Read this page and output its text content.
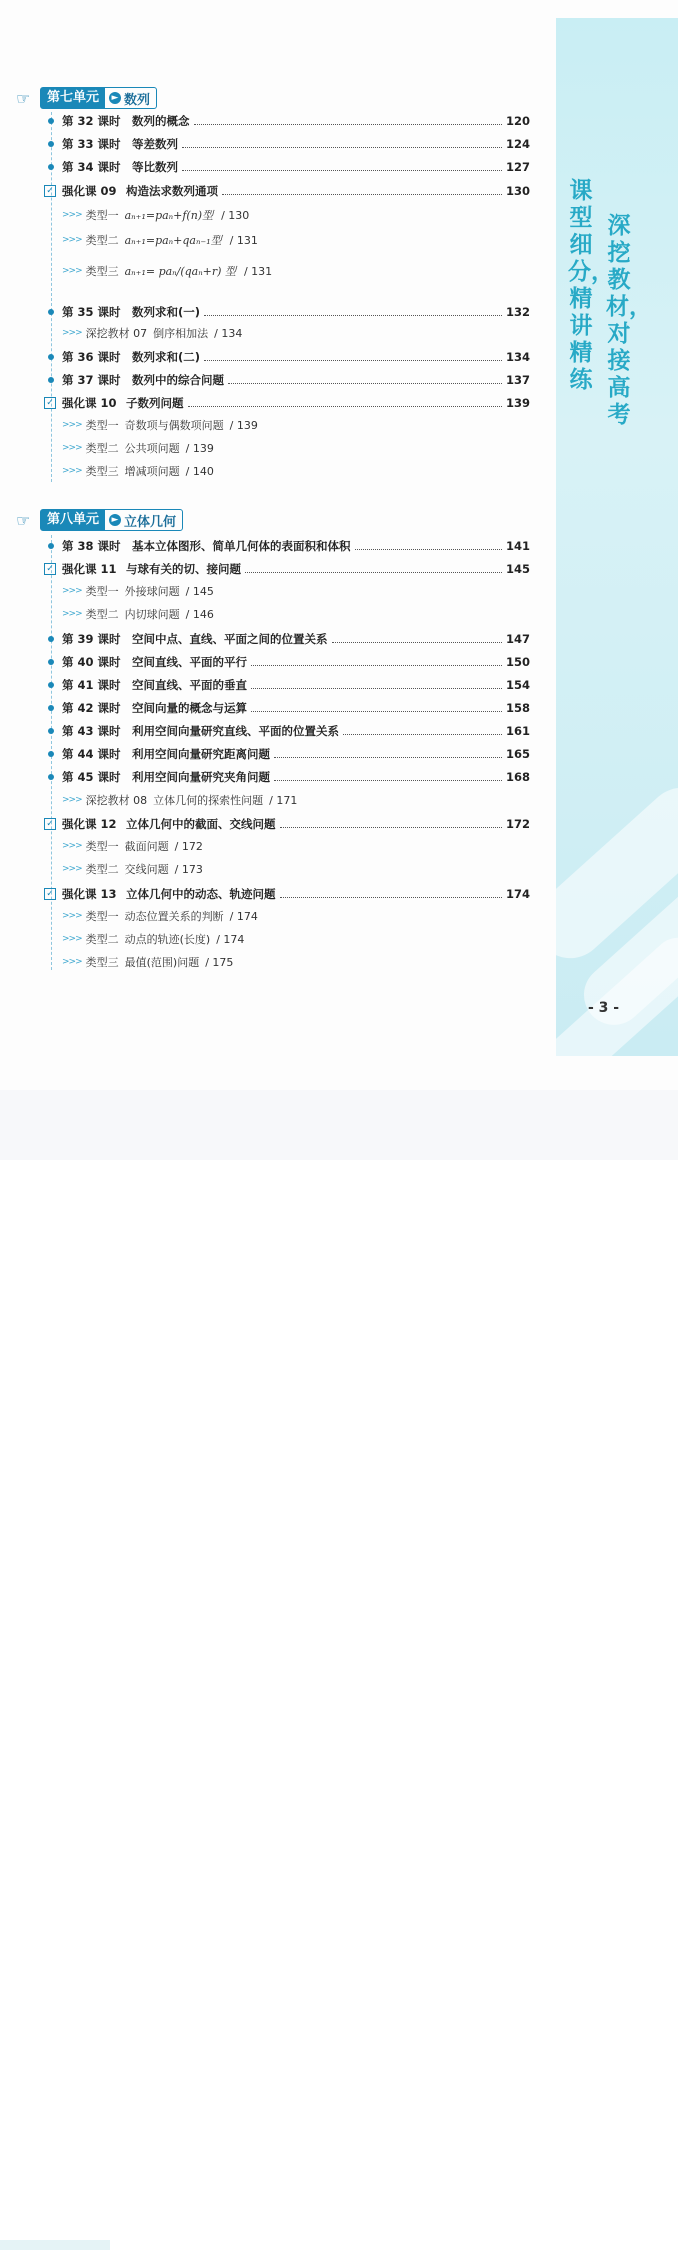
深挖教材，对接高考
课型细分，精讲精练
- 3 -
☞	第七单元	► 数列
第 32 课时 数列的概念	120
第 33 课时 等差数列	124
第 34 课时 等比数列	127
✓ 强化课 09 构造法求数列通项	130
>>> 类型一 aₙ₊₁=paₙ+f(n)型 / 130
>>> 类型二 aₙ₊₁=paₙ+qaₙ₋₁型 / 131
>>> 类型三 aₙ₊₁= paₙ/(qaₙ+r) 型 / 131
第 35 课时 数列求和(一)	132
>>> 深挖教材 07 倒序相加法 / 134
第 36 课时 数列求和(二)	134
第 37 课时 数列中的综合问题	137
✓ 强化课 10 子数列问题	139
>>> 类型一 奇数项与偶数项问题 / 139
>>> 类型二 公共项问题 / 139
>>> 类型三 增减项问题 / 140
☞	第八单元	► 立体几何
第 38 课时 基本立体图形、简单几何体的表面积和体积	141
✓ 强化课 11 与球有关的切、接问题	145
>>> 类型一 外接球问题 / 145
>>> 类型二 内切球问题 / 146
第 39 课时 空间中点、直线、平面之间的位置关系	147
第 40 课时 空间直线、平面的平行	150
第 41 课时 空间直线、平面的垂直	154
第 42 课时 空间向量的概念与运算	158
第 43 课时 利用空间向量研究直线、平面的位置关系	161
第 44 课时 利用空间向量研究距离问题	165
第 45 课时 利用空间向量研究夹角问题	168
>>> 深挖教材 08 立体几何的探索性问题 / 171
✓ 强化课 12 立体几何中的截面、交线问题	172
>>> 类型一 截面问题 / 172
>>> 类型二 交线问题 / 173
✓ 强化课 13 立体几何中的动态、轨迹问题	174
>>> 类型一 动态位置关系的判断 / 174
>>> 类型二 动点的轨迹(长度) / 174
>>> 类型三 最值(范围)问题 / 175
